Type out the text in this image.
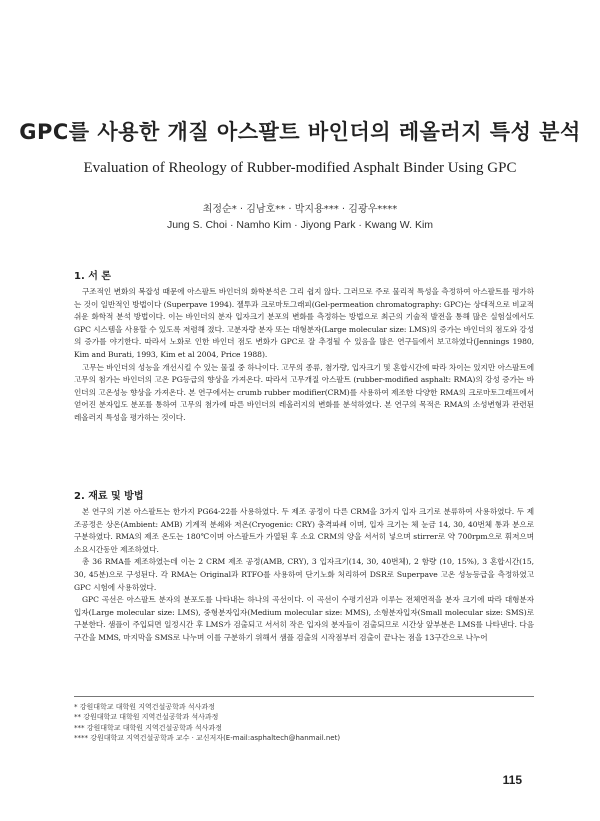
GPC를 사용한 개질 아스팔트 바인더의 레올러지 특성 분석
Evaluation of Rheology of Rubber-modified Asphalt Binder Using GPC
최정순* · 김남호** · 박지용*** · 김광우****
Jung S. Choi · Namho Kim · Jiyong Park · Kwang W. Kim
1. 서 론

구조적인 변화의 복잡성 때문에 아스팔트 바인더의 화학분석은 그리 쉽지 않다. 그러므로 주로 물리적 특성을 측정하여 아스팔트를 평가하는 것이 일반적인 방법이다 (Superpave 1994). 젤투과 크로마토그래피(Gel-permeation chromatography: GPC)는 상대적으로 비교적 쉬운 화학적 분석 방법이다. 이는 바인더의 분자 입자크기 분포의 변화를 측정하는 방법으로 최근의 기술적 발전을 통해 많은 실험실에서도 GPC 시스템을 사용할 수 있도록 저렴해 졌다. 고분자량 분자 또는 대형분자(Large molecular size: LMS)의 증가는 바인더의 점도와 강성의 증가를 야기한다. 따라서 노화로 인한 바인더 점도 변화가 GPC로 잘 추정될 수 있음을 많은 연구들에서 보고하였다(Jennings 1980, Kim and Burati, 1993, Kim et al 2004, Price 1988).

고무는 바인더의 성능을 개선시킬 수 있는 물질 중 하나이다. 고무의 종류, 첨가량, 입자크기 및 혼합시간에 따라 차이는 있지만 아스팔트에 고무의 첨가는 바인더의 고온 PG등급의 향상을 가져온다. 따라서 고무개질 아스팔트 (rubber-modified asphalt: RMA)의 강성 증가는 바인더의 고온성능 향상을 가져온다. 본 연구에서는 crumb rubber modifier(CRM)를 사용하여 제조한 다양한 RMA의 크로마토그래프에서 얻어진 분자입도 분포를 통하여 고무의 첨가에 따른 바인더의 레올러지의 변화를 분석하였다. 본 연구의 목적은 RMA의 소성변형과 관련된 레올러지 특성을 평가하는 것이다.

2. 재료 및 방법

본 연구의 기본 아스팔트는 한가지 PG64-22를 사용하였다. 두 제조 공정이 다른 CRM을 3가지 입자 크기로 분류하여 사용하였다. 두 제조공정은 상온(Ambient: AMB) 기계적 분쇄와 저온(Cryogenic: CRY) 충격파쇄 이며, 입자 크기는 체 눈금 14, 30, 40번체 통과 분으로 구분하였다. RMA의 제조 온도는 180℃이며 아스팔트가 가열된 후 소요 CRM의 양을 서서히 넣으며 stirrer로 약 700rpm으로 휘저으며 소요시간동안 제조하였다.

총 36 RMA를 제조하였는데 이는 2 CRM 제조 공정(AMB, CRY), 3 입자크기(14, 30, 40번체), 2 함량 (10, 15%), 3 혼합시간(15, 30, 45분)으로 구성된다. 각 RMA는 Original과 RTFO를 사용하여 단기노화 처리하여 DSR로 Superpave 고온 성능등급을 측정하였고 GPC 시험에 사용하였다.

GPC 곡선은 아스팔트 분자의 분포도를 나타내는 하나의 곡선이다. 이 곡선이 수평기선과 이루는 전체면적을 분자 크기에 따라 대형분자 입자(Large molecular size: LMS), 중형분자입자(Medium molecular size: MMS), 소형분자입자(Small molecular size: SMS)로 구분한다. 샘플이 주입되면 일정시간 후 LMS가 검출되고 서서히 작은 입자의 분자들이 검출되므로 시간상 앞부분은 LMS를 나타낸다. 다음 구간을 MMS, 마지막을 SMS로 나누며 이를 구분하기 위해서 샘플 검출의 시작점부터 검출이 끝나는 점을 13구간으로 나누어

* 강원대학교 대학원 지역건설공학과 석사과정

** 강원대학교 대학원 지역건설공학과 석사과정

*** 강원대학교 대학원 지역건설공학과 석사과정

**** 강원대학교 지역건설공학과 교수 · 교신저자(E-mail:asphaltech@hanmail.net)

115
